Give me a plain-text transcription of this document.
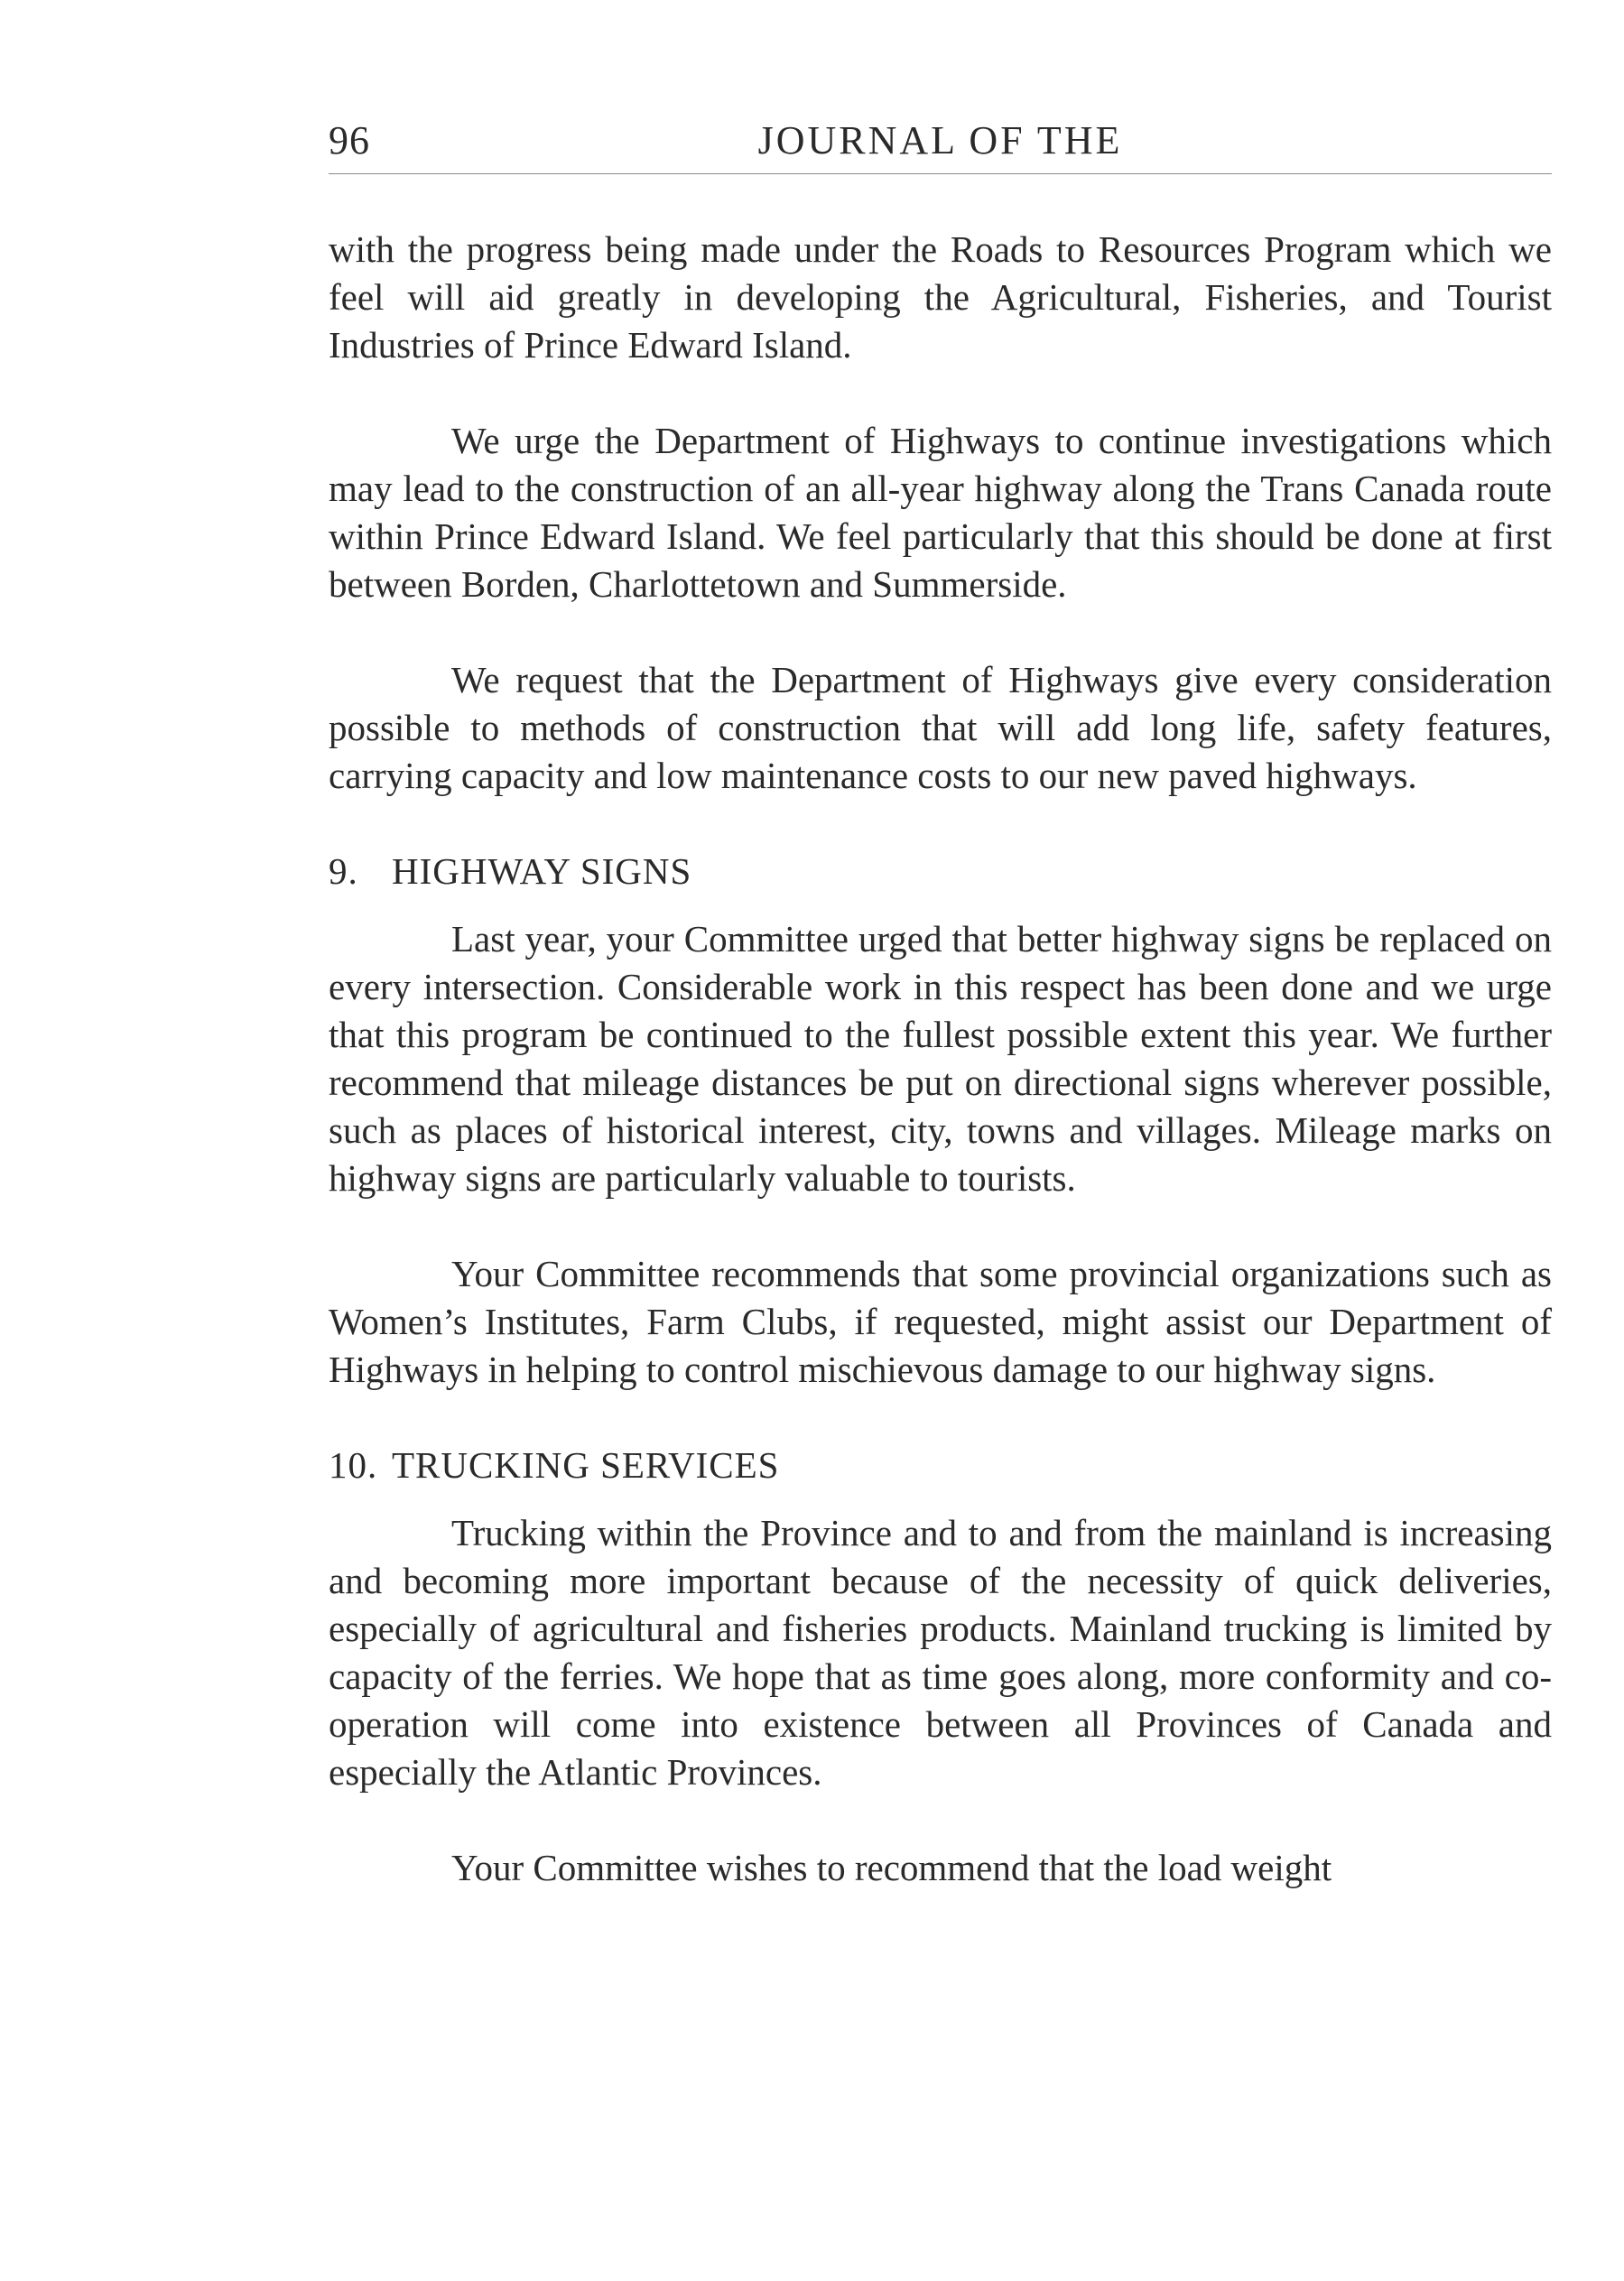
96	JOURNAL OF THE

with the progress being made under the Roads to Resources Program which we feel will aid greatly in developing the Agricultural, Fisheries, and Tourist Industries of Prince Edward Island.

We urge the Department of Highways to continue investigations which may lead to the construction of an all-year highway along the Trans Canada route within Prince Edward Island. We feel particularly that this should be done at first between Borden, Charlottetown and Summerside.

We request that the Department of Highways give every consideration possible to methods of construction that will add long life, safety features, carrying capacity and low maintenance costs to our new paved highways.

9. HIGHWAY SIGNS

Last year, your Committee urged that better highway signs be replaced on every intersection. Considerable work in this respect has been done and we urge that this program be continued to the fullest possible extent this year. We further recommend that mileage distances be put on directional signs wherever possible, such as places of historical interest, city, towns and villages. Mileage marks on highway signs are particularly valuable to tourists.

Your Committee recommends that some provincial organizations such as Women’s Institutes, Farm Clubs, if requested, might assist our Department of Highways in helping to control mischievous damage to our highway signs.

10. TRUCKING SERVICES

Trucking within the Province and to and from the mainland is increasing and becoming more important because of the necessity of quick deliveries, especially of agricultural and fisheries products. Mainland trucking is limited by capacity of the ferries. We hope that as time goes along, more conformity and co-operation will come into existence between all Provinces of Canada and especially the Atlantic Provinces.

Your Committee wishes to recommend that the load weight
